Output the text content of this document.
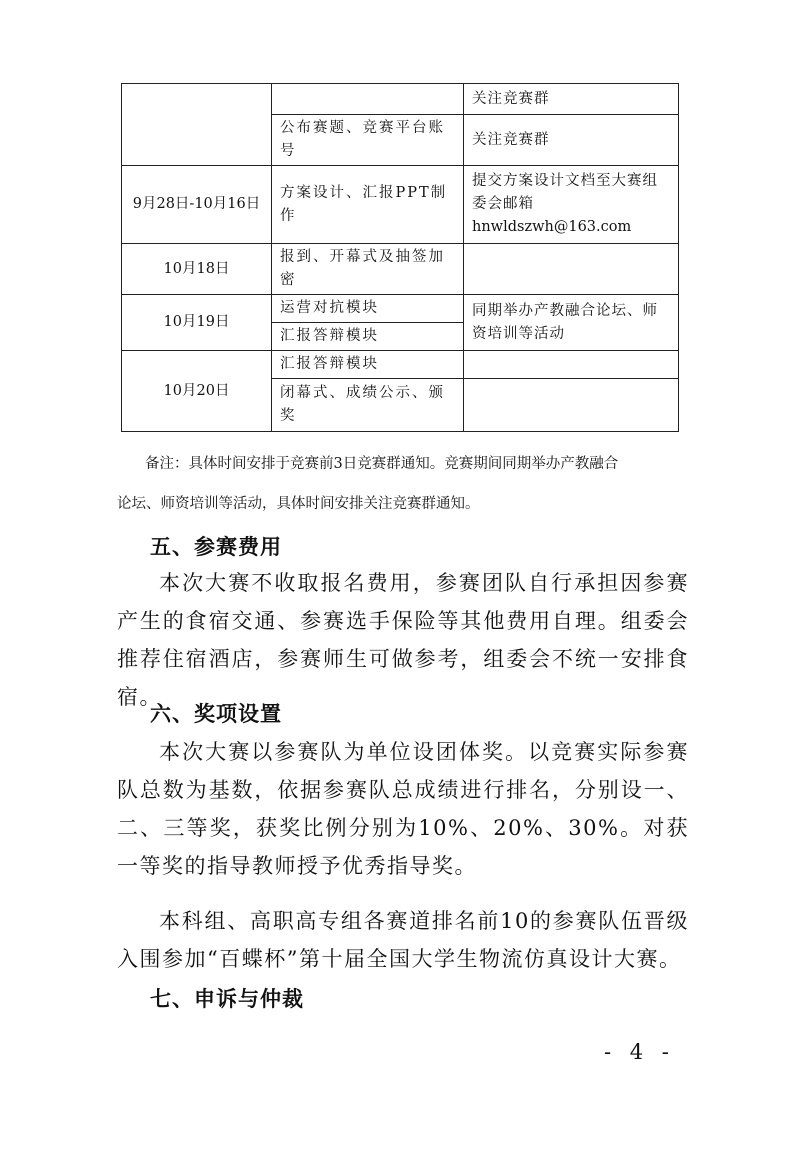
		关注竞赛群
	公布赛题、竞赛平台账号	关注竞赛群
9月28日-10月16日	方案设计、汇报PPT制作	提交方案设计文档至大赛组委会邮箱
hnwldszwh@163.com

10月18日	报到、开幕式及抽签加密	
10月19日	运营对抗模块	同期举办产教融合论坛、师资培训等活动
	汇报答辩模块	
10月20日	汇报答辩模块	
	闭幕式、成绩公示、颁奖	
备注：具体时间安排于竞赛前3日竞赛群通知。竞赛期间同期举办产教融合
论坛、师资培训等活动，具体时间安排关注竞赛群通知。
五、参赛费用
本次大赛不收取报名费用，参赛团队自行承担因参赛产生的食宿交通、参赛选手保险等其他费用自理。组委会推荐住宿酒店，参赛师生可做参考，组委会不统一安排食宿。
六、奖项设置
本次大赛以参赛队为单位设团体奖。以竞赛实际参赛队总数为基数，依据参赛队总成绩进行排名，分别设一、二、三等奖，获奖比例分别为10%、20%、30%。对获一等奖的指导教师授予优秀指导奖。
本科组、高职高专组各赛道排名前10的参赛队伍晋级入围参加“百蝶杯”第十届全国大学生物流仿真设计大赛。
七、申诉与仲裁
- 4 -
